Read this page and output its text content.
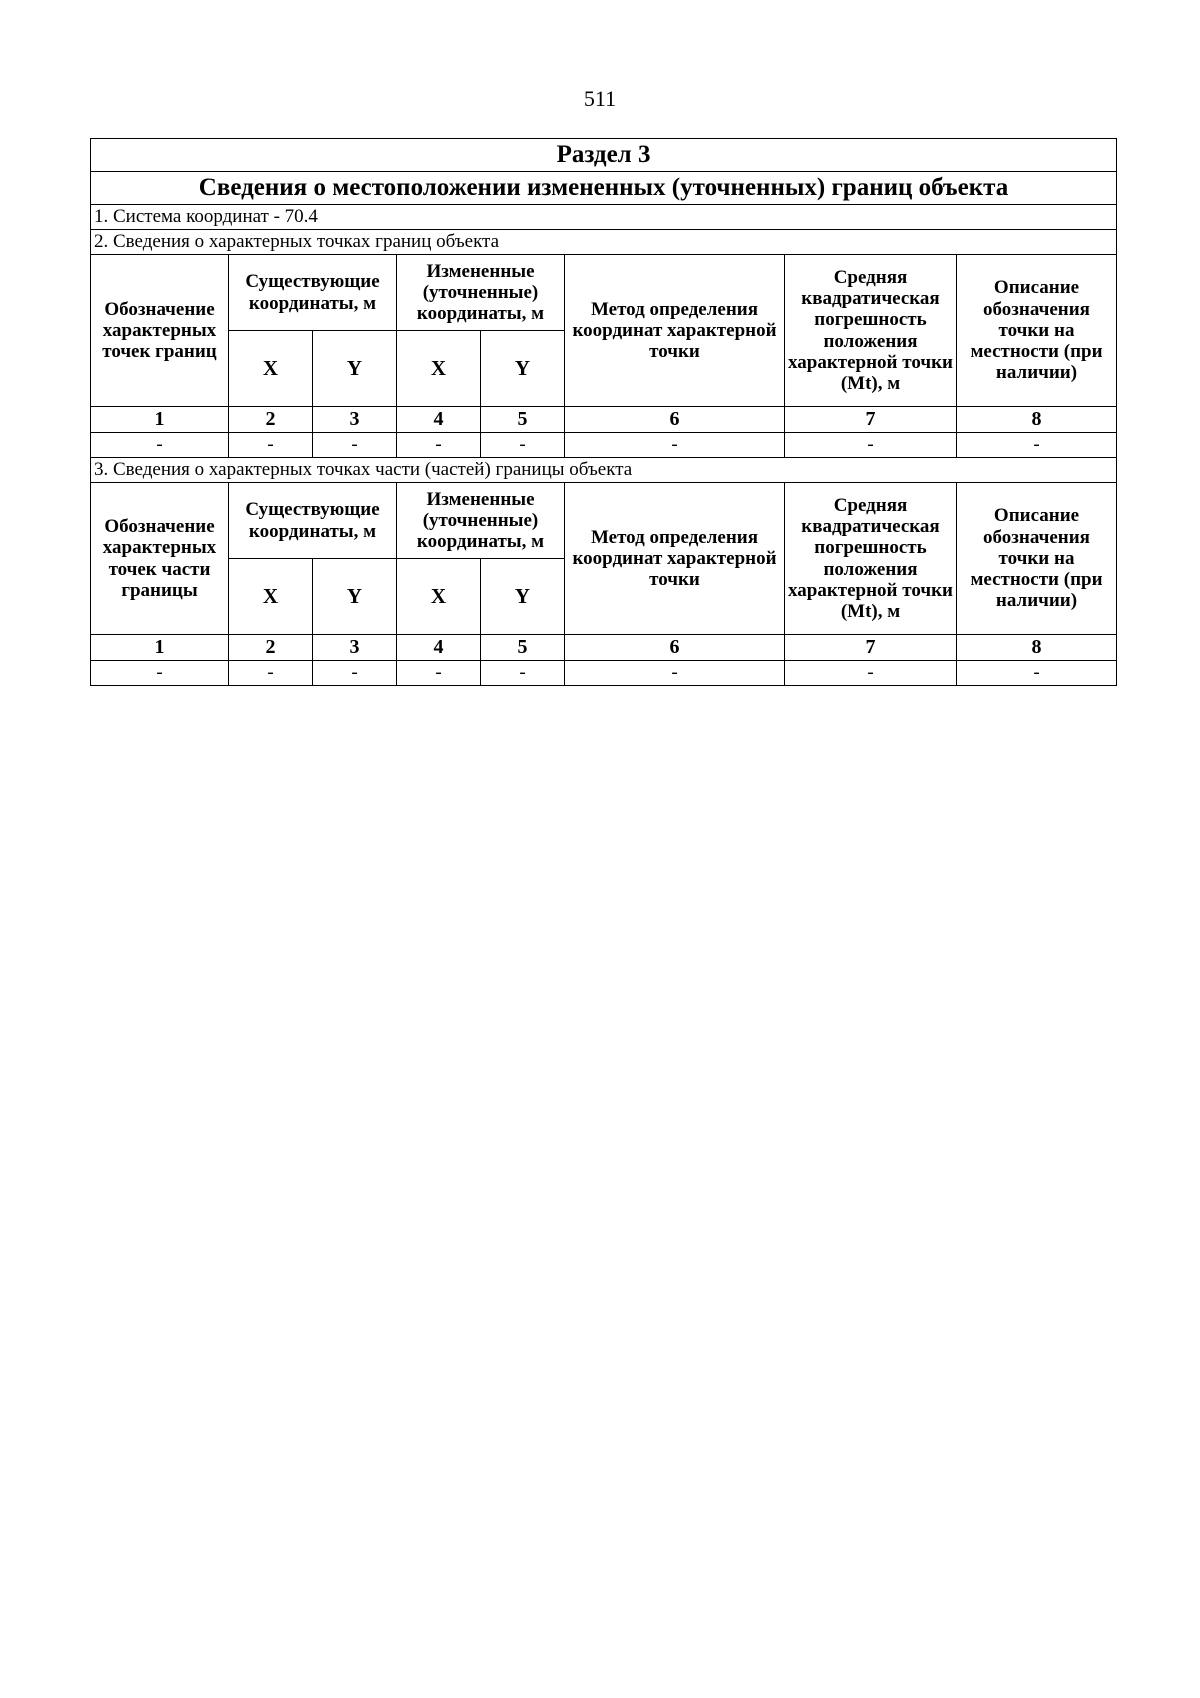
511
Раздел 3							
Сведения о местоположении измененных (уточненных) границ объекта							
1. Система координат - 70.4							
2. Сведения о характерных точках границ объекта							
Обозначение характерных точек границ	Существующие координаты, м		Измененные (уточненные) координаты, м		Метод определения координат характерной точки	Средняя квадратическая погрешность положения характерной точки (Mt), м	Описание обозначения точки на местности (при наличии)
	X	Y	X	Y			
1	2	3	4	5	6	7	8
-	-	-	-	-	-	-	-
3. Сведения о характерных точках части (частей) границы объекта							
Обозначение характерных точек части границы	Существующие координаты, м		Измененные (уточненные) координаты, м		Метод определения координат характерной точки	Средняя квадратическая погрешность положения характерной точки (Mt), м	Описание обозначения точки на местности (при наличии)
	X	Y	X	Y			
1	2	3	4	5	6	7	8
-	-	-	-	-	-	-	-
